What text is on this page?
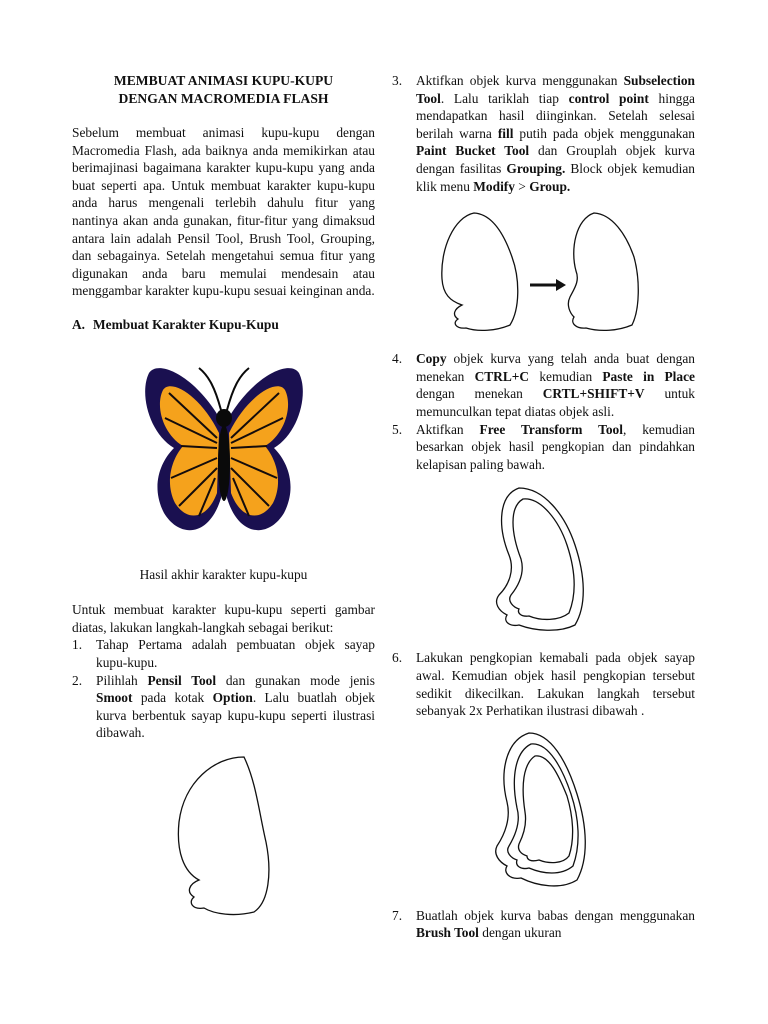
MEMBUAT ANIMASI KUPU-KUPU
DENGAN MACROMEDIA FLASH

Sebelum membuat animasi kupu-kupu dengan Macromedia Flash, ada baiknya anda memikirkan atau berimajinasi bagaimana karakter kupu-kupu yang anda buat seperti apa. Untuk membuat karakter kupu-kupu anda harus mengenali terlebih dahulu fitur yang nantinya akan anda gunakan, fitur-fitur yang dimaksud antara lain adalah Pensil Tool, Brush Tool, Grouping, dan sebagainya. Setelah mengetahui semua fitur yang digunakan anda baru memulai mendesain atau menggambar karakter kupu-kupu sesuai keinginan anda.

A. Membuat Karakter Kupu-Kupu

Hasil akhir karakter kupu-kupu

Untuk membuat karakter kupu-kupu seperti gambar diatas, lakukan langkah-langkah sebagai berikut:

1.	Tahap Pertama adalah pembuatan objek sayap kupu-kupu.
2.	Pilihlah Pensil Tool dan gunakan mode jenis Smoot pada kotak Option. Lalu buatlah objek kurva berbentuk sayap kupu-kupu seperti ilustrasi dibawah.
3.	Aktifkan objek kurva menggunakan Subselection Tool. Lalu tariklah tiap control point hingga mendapatkan hasil diinginkan. Setelah selesai berilah warna fill putih pada objek menggunakan Paint Bucket Tool dan Grouplah objek kurva dengan fasilitas Grouping. Block objek kemudian klik menu Modify > Group.
4.	Copy objek kurva yang telah anda buat dengan menekan CTRL+C kemudian Paste in Place dengan menekan CRTL+SHIFT+V untuk memunculkan tepat diatas objek asli.
5.	Aktifkan Free Transform Tool, kemudian besarkan objek hasil pengkopian dan pindahkan kelapisan paling bawah.
6.	Lakukan pengkopian kemabali pada objek sayap awal. Kemudian objek hasil pengkopian tersebut sedikit dikecilkan. Lakukan langkah tersebut sebanyak 2x Perhatikan ilustrasi dibawah .
7.	Buatlah objek kurva babas dengan menggunakan Brush Tool dengan ukuran
